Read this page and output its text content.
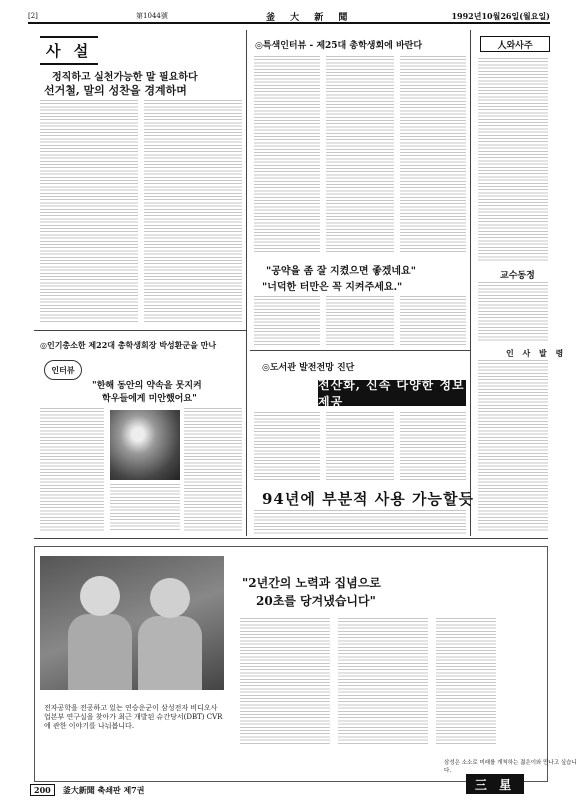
[2]	第1044號	釜 大 新 聞	1992년10월26일(월요일)
사 설
정직하고 실천가능한 말 필요하다
선거철, 말의 성찬을 경계하며
◎특색인터뷰 - 제25대 총학생회에 바란다
"공약을 좀 잘 지켰으면 좋겠네요"
"너덕한 터만은 꼭 지켜주세요."
人와사주
교수동정
인 사 발 령
◎인기총소한 제22대 총학생회장 박성환군을 만나
인터뷰
"한해 동안의 약속을 못지켜
학우들에게 미안했어요"
◎도서관 발전전망 진단
전산화, 신속 다양한 정보제공
94년에 부분적 사용 가능할듯
"2년간의 노력과 집념으로
20초를 당겨냈습니다"
전자공학을 전공하고 있는 연승운군이 삼성전자 비디오사업본부 연구실을 찾아가 최근 개발된 슈간당서(DBT) CVR 에 관한 이야기를 나눠봅니다.
삼성은 소소로 미래를 개척하는 젊은이와 만나고 싶습니다.
三 星
200	釜大新聞 축쇄판 제7권
